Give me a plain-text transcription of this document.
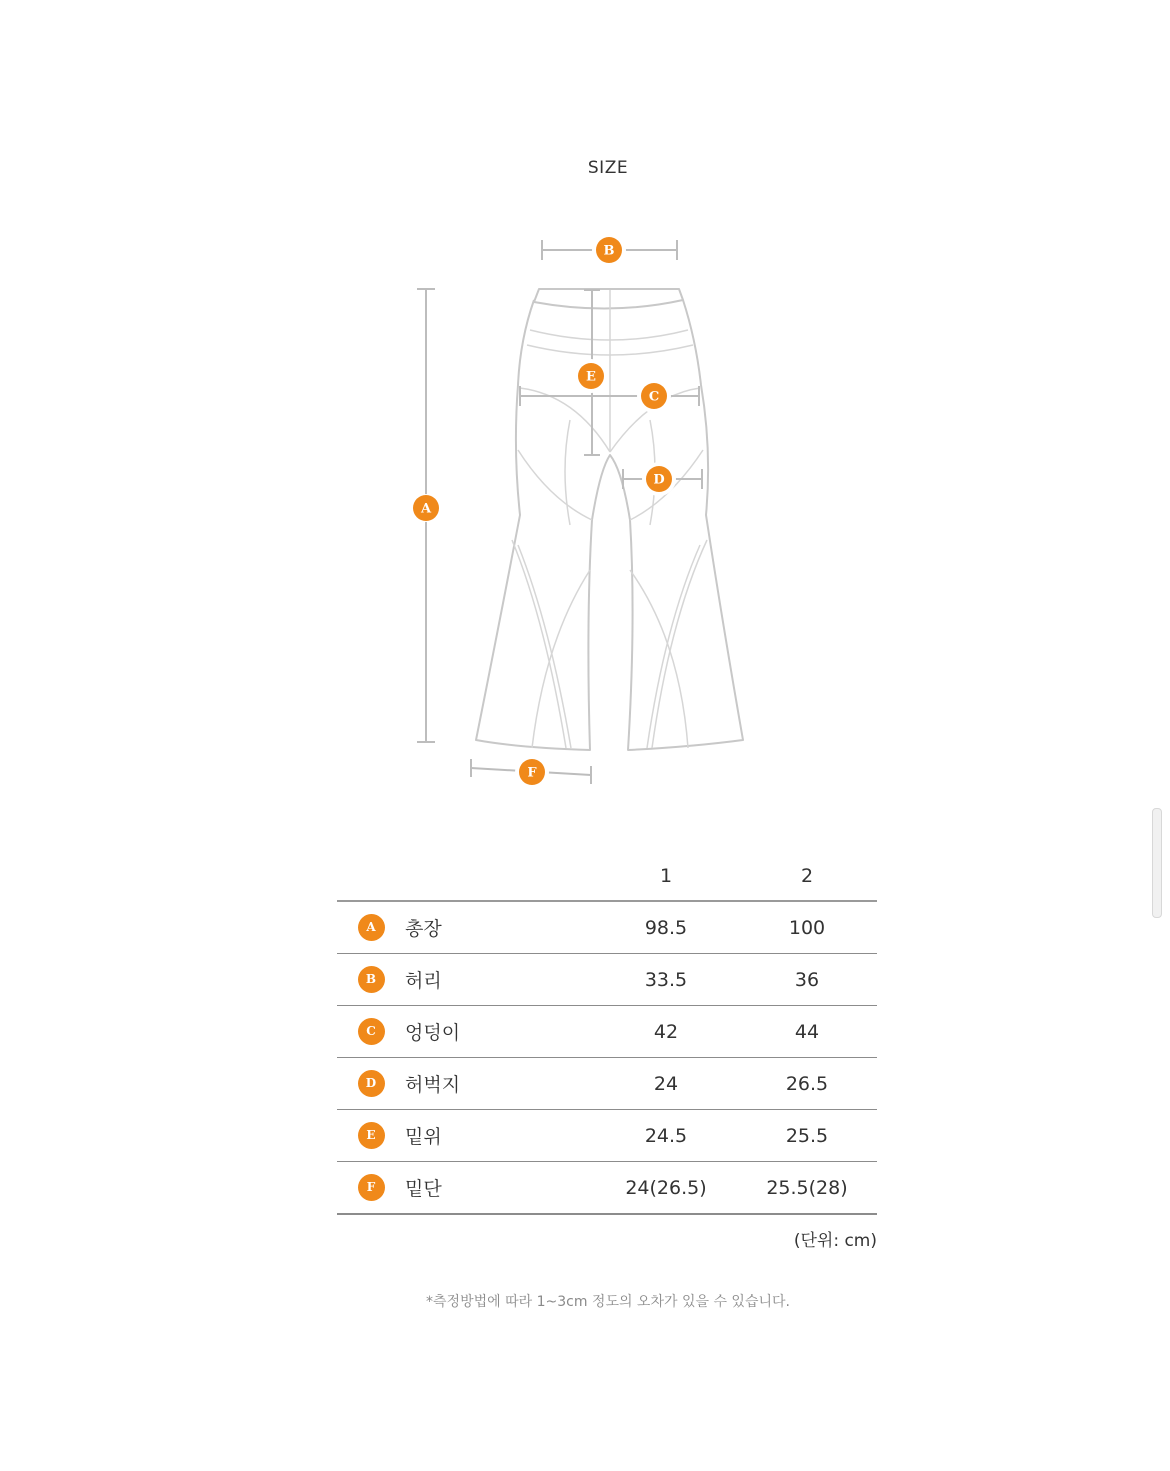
SIZE
A
B
C
D
E
F
		1	2
A	총장	98.5	100
B	허리	33.5	36
C	엉덩이	42	44
D	허벅지	24	26.5
E	밑위	24.5	25.5
F	밑단	24(26.5)	25.5(28)
(단위: cm)
*측정방법에 따라 1~3cm 정도의 오차가 있을 수 있습니다.
